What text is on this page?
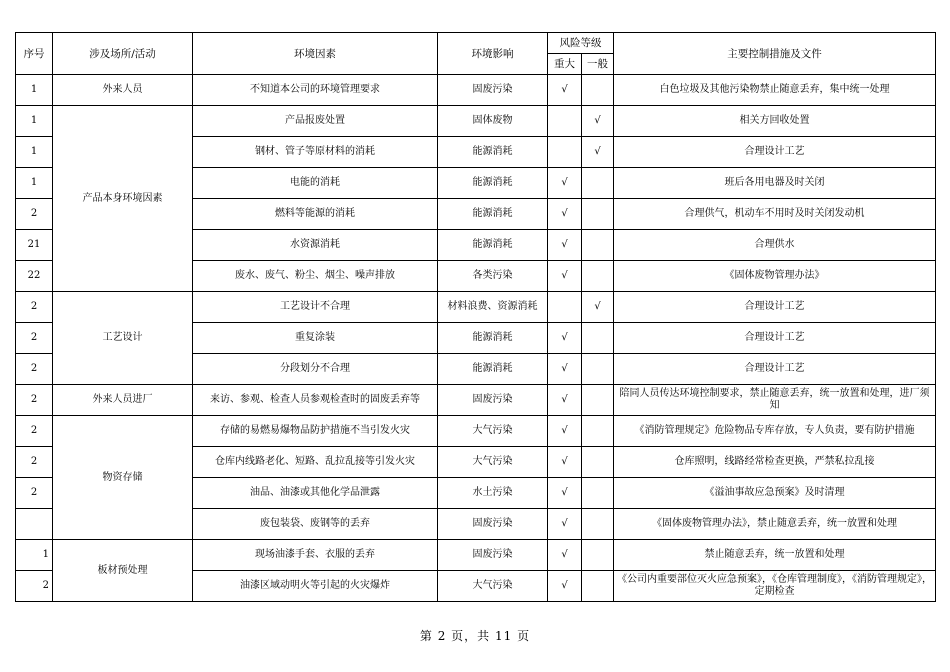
序号	涉及场所/活动	环境因素	环境影响	风险等级		主要控制措施及文件
				重大	一般	
1	外来人员	不知道本公司的环境管理要求	固废污染	√		白色垃圾及其他污染物禁止随意丢弃，集中统一处理
1	产品本身环境因素	产品报废处置	固体废物		√	相关方回收处置
1		钢材、管子等原材料的消耗	能源消耗		√	合理设计工艺
1		电能的消耗	能源消耗	√		班后各用电器及时关闭
2		燃料等能源的消耗	能源消耗	√		合理供气，机动车不用时及时关闭发动机
21		水资源消耗	能源消耗	√		合理供水
22		废水、废气、粉尘、烟尘、噪声排放	各类污染	√		《固体废物管理办法》
2	工艺设计	工艺设计不合理	材料浪费、资源消耗		√	合理设计工艺
2		重复涂装	能源消耗	√		合理设计工艺
2		分段划分不合理	能源消耗	√		合理设计工艺
2	外来人员进厂	来访、参观、检查人员参观检查时的固废丢弃等	固废污染	√		陪同人员传达环境控制要求，禁止随意丢弃，统一放置和处理，进厂须知
2	物资存储	存储的易燃易爆物品防护措施不当引发火灾	大气污染	√		《消防管理规定》危险物品专库存放，专人负责，要有防护措施
2		仓库内线路老化、短路、乱拉乱接等引发火灾	大气污染	√		仓库照明，线路经常检查更换，严禁私拉乱接
2		油品、油漆或其他化学品泄露	水土污染	√		《溢油事故应急预案》及时清理
		废包装袋、废钢等的丢弃	固废污染	√		《固体废物管理办法》，禁止随意丢弃，统一放置和处理
1	板材预处理	现场油漆手套、衣服的丢弃	固废污染	√		禁止随意丢弃，统一放置和处理
2		油漆区域动明火等引起的火灾爆炸	大气污染	√		《公司内重要部位灭火应急预案》，《仓库管理制度》，《消防管理规定》，定期检查
第 2 页，共 11 页
